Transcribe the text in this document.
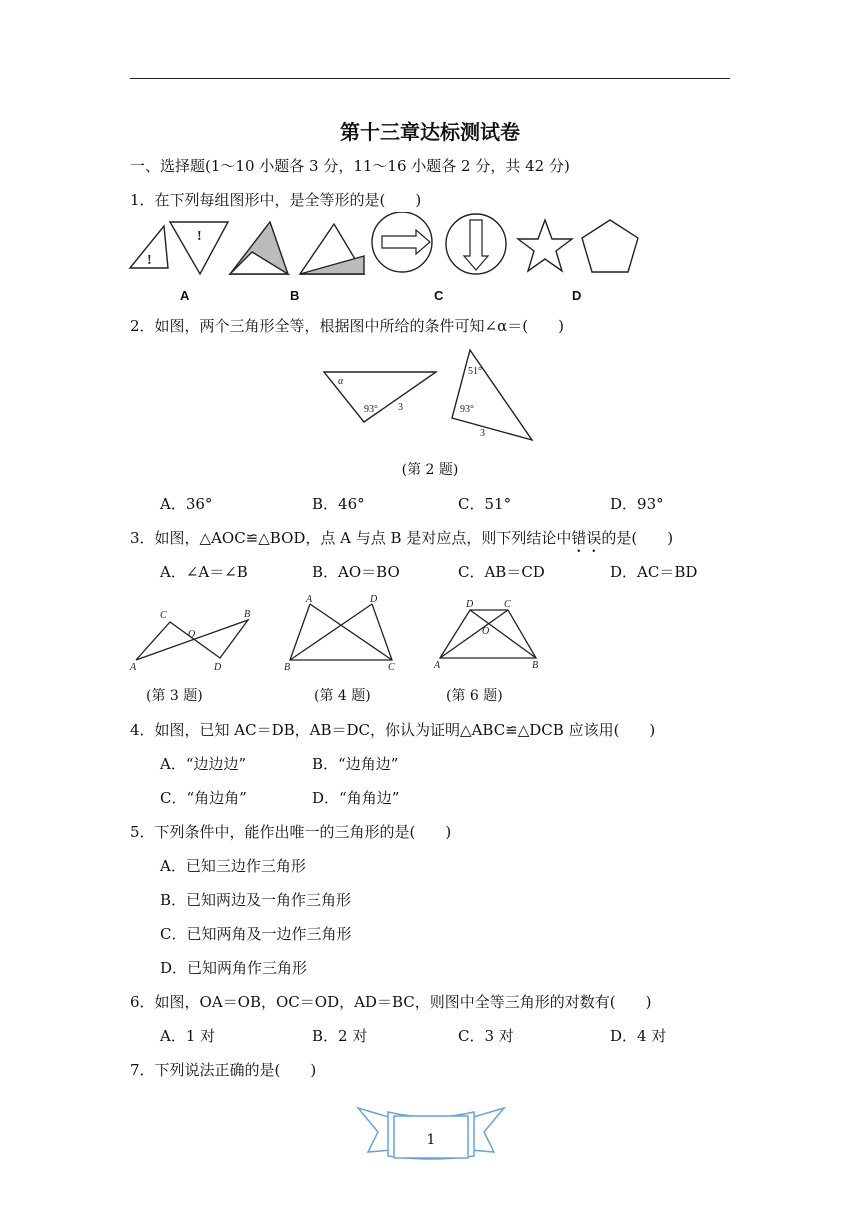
第十三章达标测试卷
一、选择题(1～10 小题各 3 分，11～16 小题各 2 分，共 42 分)
1．在下列每组图形中，是全等形的是(　　)
!
!
A	B	C	D
2．如图，两个三角形全等，根据图中所给的条件可知∠α＝(　　)
α
93° 3
51°
93°
3
(第 2 题)
A．36°	B．46°	C．51°	D．93°
3．如图，△AOC≌△BOD，点 A 与点 B 是对应点，则下列结论中错误的是(　　)
A．∠A＝∠B	B．AO＝BO	C．AB＝CD	D．AC＝BD
C	B
O
A	D
A	D
B	C
D	C
O
A	B
(第 3 题)	(第 4 题)	(第 6 题)
4．如图，已知 AC＝DB，AB＝DC，你认为证明△ABC≌△DCB 应该用(　　)
A．“边边边”	B．“边角边”
C．“角边角”	D．“角角边”
5．下列条件中，能作出唯一的三角形的是(　　)
A．已知三边作三角形
B．已知两边及一角作三角形
C．已知两角及一边作三角形
D．已知两角作三角形
6．如图，OA＝OB，OC＝OD，AD＝BC，则图中全等三角形的对数有(　　)
A．1 对	B．2 对	C．3 对	D．4 对
7．下列说法正确的是(　　)
1
